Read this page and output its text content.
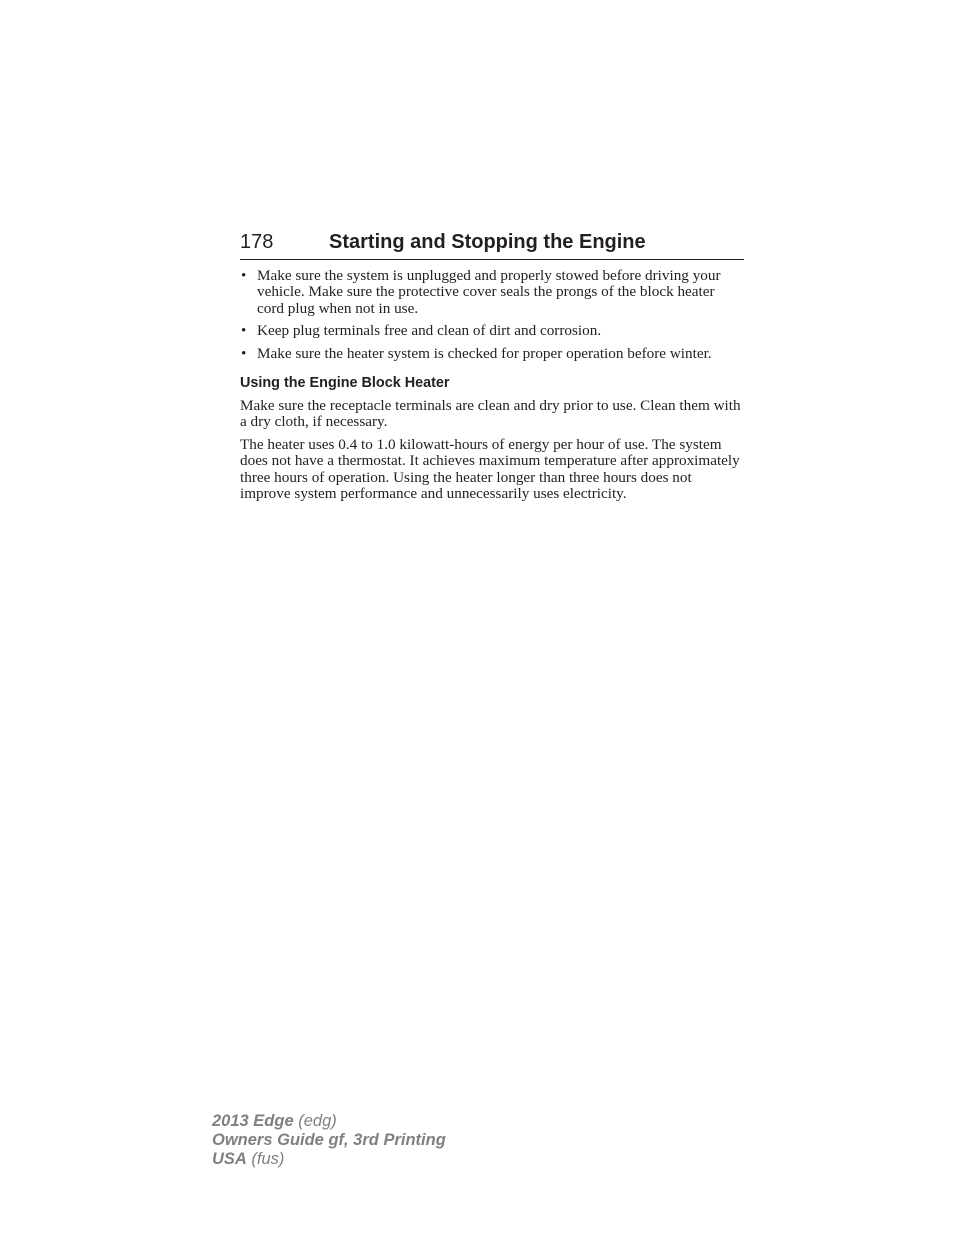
178	Starting and Stopping the Engine
• Make sure the system is unplugged and properly stowed before driving your vehicle. Make sure the protective cover seals the prongs of the block heater cord plug when not in use.
• Keep plug terminals free and clean of dirt and corrosion.
• Make sure the heater system is checked for proper operation before winter.
Using the Engine Block Heater

Make sure the receptacle terminals are clean and dry prior to use. Clean them with a dry cloth, if necessary.

The heater uses 0.4 to 1.0 kilowatt-hours of energy per hour of use. The system does not have a thermostat. It achieves maximum temperature after approximately three hours of operation. Using the heater longer than three hours does not improve system performance and unnecessarily uses electricity.

2013 Edge (edg)
Owners Guide gf, 3rd Printing
USA (fus)
